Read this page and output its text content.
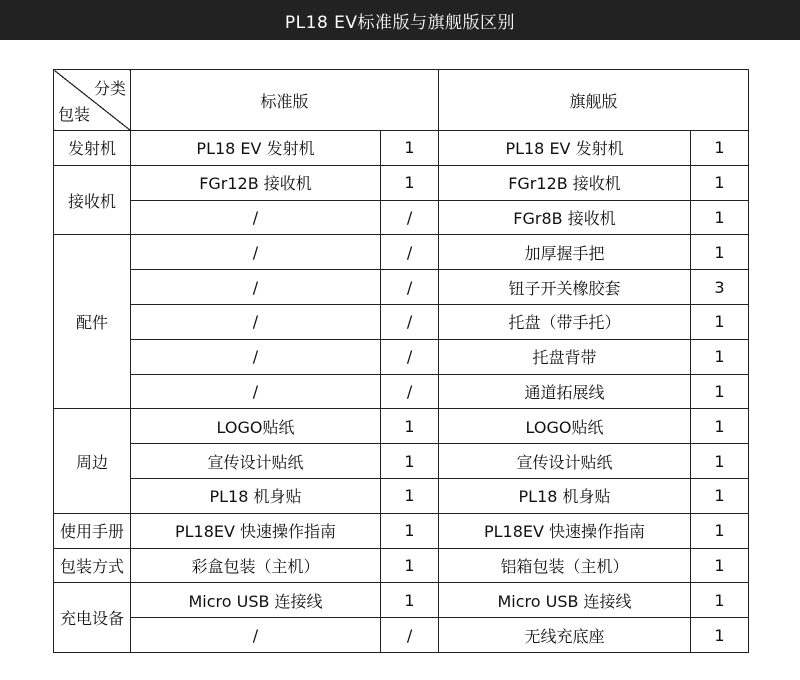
PL18 EV标准版与旗舰版区别
分类
包装	标准版		旗舰版	
发射机	PL18 EV 发射机	1	PL18 EV 发射机	1
接收机	FGr12B 接收机	1	FGr12B 接收机	1
	/	/	FGr8B 接收机	1
配件	/	/	加厚握手把	1
	/	/	钮子开关橡胶套	3
	/	/	托盘（带手托）	1
	/	/	托盘背带	1
	/	/	通道拓展线	1
周边	LOGO贴纸	1	LOGO贴纸	1
	宣传设计贴纸	1	宣传设计贴纸	1
	PL18 机身贴	1	PL18 机身贴	1
使用手册	PL18EV 快速操作指南	1	PL18EV 快速操作指南	1
包装方式	彩盒包装（主机）	1	铝箱包装（主机）	1
充电设备	Micro USB 连接线	1	Micro USB 连接线	1
	/	/	无线充底座	1
